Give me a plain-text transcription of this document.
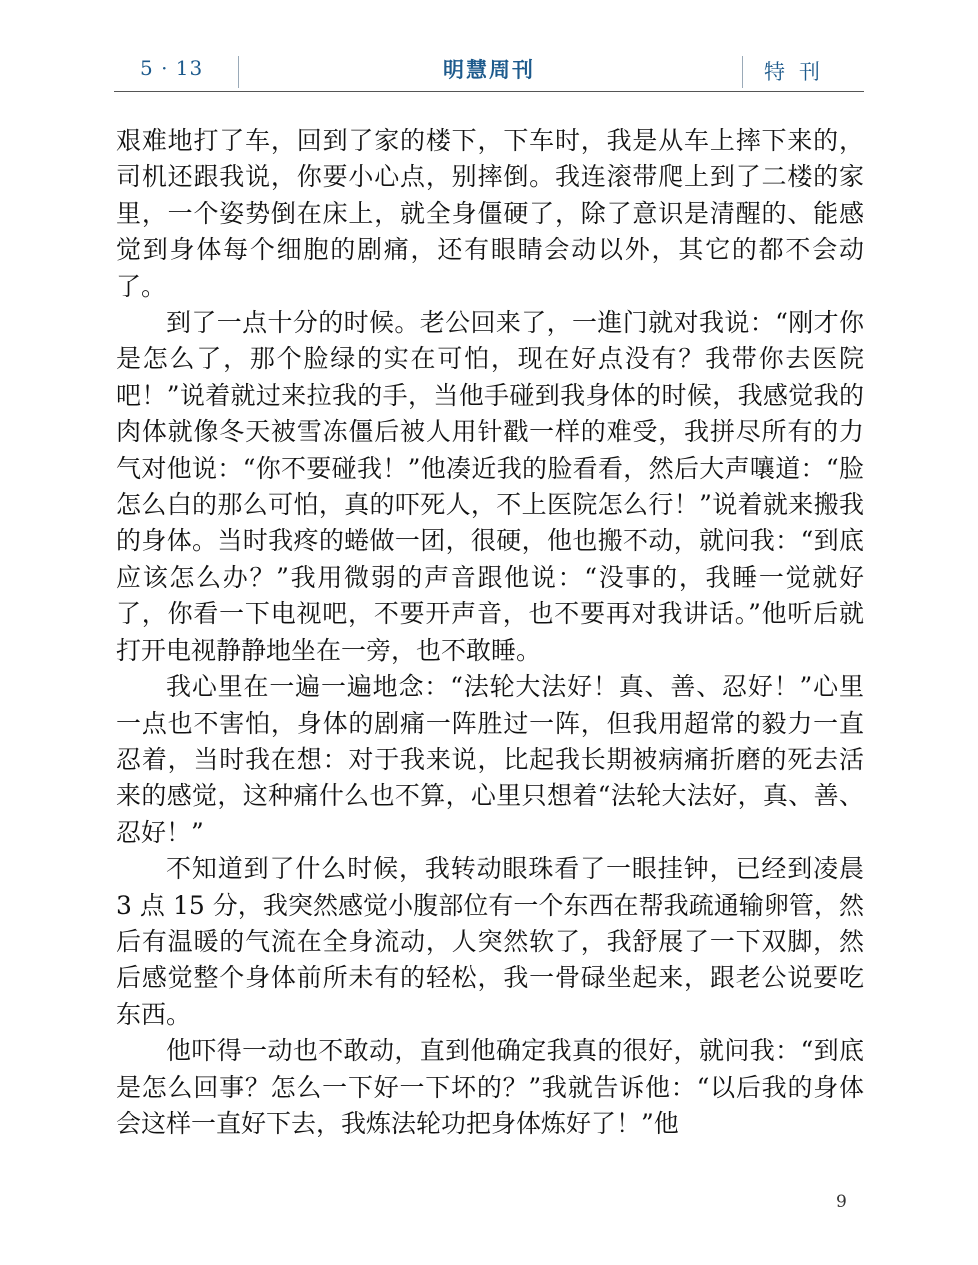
5 · 13	明慧周刊	特刊

艰难地打了车，回到了家的楼下，下车时，我是从车上摔下来的，司机还跟我说，你要小心点，别摔倒。我连滚带爬上到了二楼的家里，一个姿势倒在床上，就全身僵硬了，除了意识是清醒的、能感觉到身体每个细胞的剧痛，还有眼睛会动以外，其它的都不会动了。

到了一点十分的时候。老公回来了，一進门就对我说：“刚才你是怎么了，那个脸绿的实在可怕，现在好点没有？我带你去医院吧！”说着就过来拉我的手，当他手碰到我身体的时候，我感觉我的肉体就像冬天被雪冻僵后被人用针戳一样的难受，我拼尽所有的力气对他说：“你不要碰我！”他凑近我的脸看看，然后大声嚷道：“脸怎么白的那么可怕，真的吓死人，不上医院怎么行！”说着就来搬我的身体。当时我疼的蜷做一团，很硬，他也搬不动，就问我：“到底应该怎么办？”我用微弱的声音跟他说：“没事的，我睡一觉就好了，你看一下电视吧，不要开声音，也不要再对我讲话。”他听后就打开电视静静地坐在一旁，也不敢睡。

我心里在一遍一遍地念：“法轮大法好！真、善、忍好！”心里一点也不害怕，身体的剧痛一阵胜过一阵，但我用超常的毅力一直忍着，当时我在想：对于我来说，比起我长期被病痛折磨的死去活来的感觉，这种痛什么也不算，心里只想着“法轮大法好，真、善、忍好！”

不知道到了什么时候，我转动眼珠看了一眼挂钟，已经到凌晨 3 点 15 分，我突然感觉小腹部位有一个东西在帮我疏通输卵管，然后有温暖的气流在全身流动，人突然软了，我舒展了一下双脚，然后感觉整个身体前所未有的轻松，我一骨碌坐起来，跟老公说要吃东西。

他吓得一动也不敢动，直到他确定我真的很好，就问我：“到底是怎么回事？怎么一下好一下坏的？”我就告诉他：“以后我的身体会这样一直好下去，我炼法轮功把身体炼好了！”他

9
